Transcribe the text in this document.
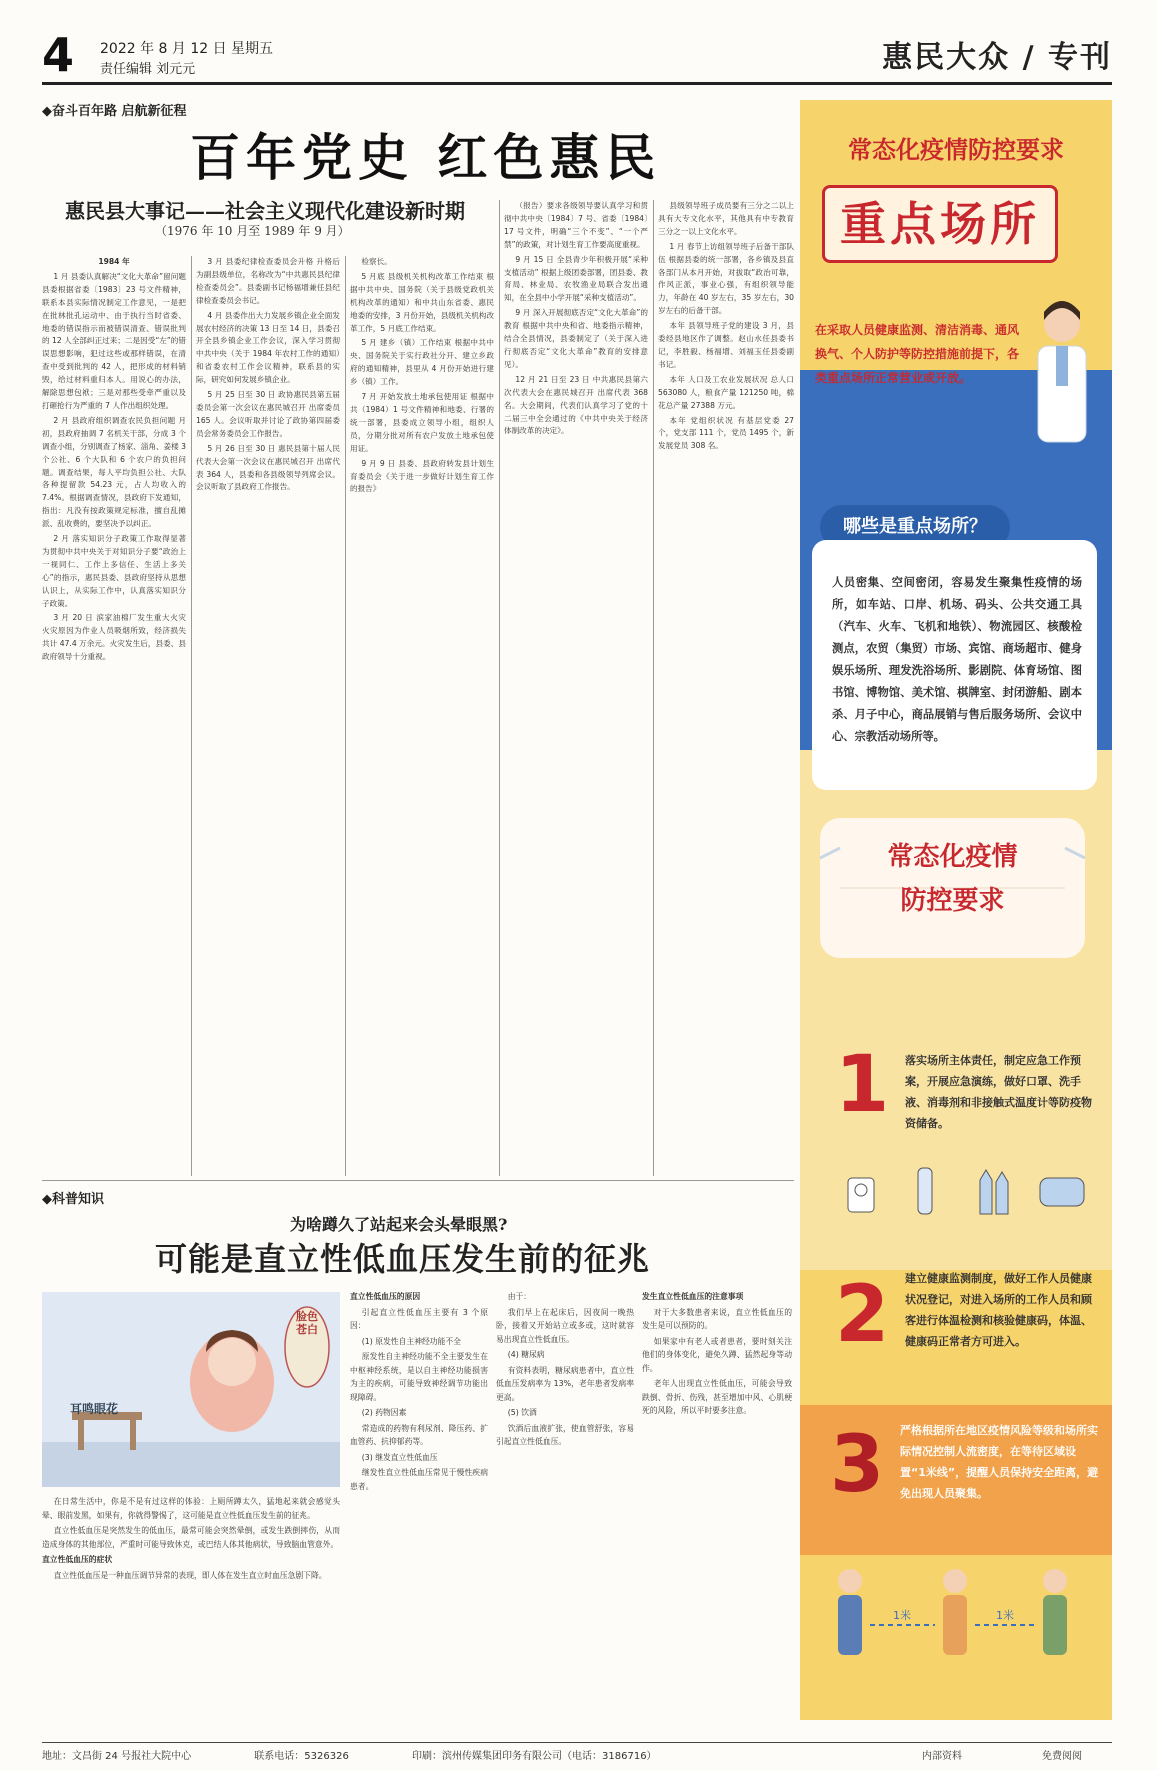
4 2022 年 8 月 12 日 星期五
责任编辑 刘元元	惠民大众 / 专刊
◆奋斗百年路 启航新征程
百年党史 红色惠民
惠民县大事记——社会主义现代化建设新时期
（1976 年 10 月至 1989 年 9 月）

1984 年

1 月 县委认真解决“文化大革命”留问题 县委根据省委〔1983〕23 号文件精神，联系本县实际情况制定工作意见，一是把在批林批孔运动中、由于执行当时省委、地委的错误指示而被错误清查、错误批判的 12 人全部纠正过来；二是因受“左”的错误思想影响，犯过这些或那样错误，在清查中受到批判的 42 人，把形成的材料销毁，给过材料重归本人。用说心的办法，解除思想包袱；三是对那些受牵严重以及打砸抢行为严重的 7 人作出组织处理。

2 月 县政府组织调查农民负担问题 月初，县政府抽调 7 名机关干部，分成 3 个调查小组，分别调查了杨家、淄角、姜楼 3 个公社、6 个大队和 6 个农户的负担问题。调查结果，每人平均负担公社、大队各种提留款 54.23 元，占人均收入的 7.4%。根据调查情况，县政府下发通知，指出：凡没有按政策规定标准，擅自乱摊派、乱收费的，要坚决予以纠正。

2 月 落实知识分子政策工作取得显著 为贯彻中共中央关于对知识分子要“政治上一视同仁、工作上多信任、生活上多关心”的指示，惠民县委、县政府坚持从思想认识上，从实际工作中，认真落实知识分子政策。

3 月 20 日 滨家油棉厂发生重大火灾 火灾原因为作业人员吸烟所致，经济损失共计 47.4 万余元。火灾发生后，县委、县政府领导十分重视。

3 月 县委纪律检查委员会升格 升格后为副县级单位，名称改为“中共惠民县纪律检查委员会”。县委副书记杨福增兼任县纪律检查委员会书记。

4 月 县委作出大力发展乡镇企业全面发展农村经济的决策 13 日至 14 日，县委召开全县乡镇企业工作会议，深入学习贯彻中共中央（关于 1984 年农村工作的通知）和省委农村工作会议精神，联系县的实际，研究如何发展乡镇企业。

5 月 25 日至 30 日 政协惠民县第五届委员会第一次会议在惠民城召开 出席委员 165 人。会议听取并讨论了政协第四届委员会常务委员会工作报告。

5 月 26 日至 30 日 惠民县第十届人民代表大会第一次会议在惠民城召开 出席代表 364 人，县委和各县级领导列席会议。会议听取了县政府工作报告。

检察长。

5 月底 县级机关机构改革工作结束 根据中共中央、国务院（关于县级党政机关机构改革的通知）和中共山东省委、惠民地委的安排，3 月份开始，县级机关机构改革工作，5 月底工作结束。

5 月 建乡（镇）工作结束 根据中共中央、国务院关于实行政社分开、建立乡政府的通知精神，县里从 4 月份开始进行建乡（镇）工作。

7 月 开始发放土地承包使用证 根据中共（1984）1 号文件精神和地委、行署的统一部署，县委成立领导小组，组织人员，分期分批对所有农户发放土地承包使用证。

9 月 9 日 县委、县政府转发县计划生育委员会《关于进一步做好计划生育工作的报告》

（报告）要求各级领导要认真学习和贯彻中共中央〔1984〕7 号、省委〔1984〕17 号文件，明确“三个不变”、“一个严禁”的政策，对计划生育工作要高度重视。

9 月 15 日 全县青少年积极开展“采种支植活动” 根据上级团委部署，团县委、教育局、林业局、农牧渔业局联合发出通知，在全县中小学开展“采种支植活动”。

9 月 深入开展彻底否定“文化大革命”的教育 根据中共中央和省、地委指示精神，结合全县情况，县委制定了（关于深入进行彻底否定“文化大革命”教育的安排意见）。

12 月 21 日至 23 日 中共惠民县第六次代表大会在惠民城召开 出席代表 368 名。大会期间，代表们认真学习了党的十二届三中全会通过的《中共中央关于经济体制改革的决定》。

县级领导班子成员要有三分之二以上具有大专文化水平，其他具有中专教育三分之一以上文化水平。

1 月 春节上访组领导班子后备干部队伍 根据县委的统一部署，各乡镇及县直各部门从本月开始，对拔取“政治可靠，作风正派，事业心强，有组织领导能力，年龄在 40 岁左右，35 岁左右，30 岁左右的后备干部。

本年 县领导班子党的建设 3 月，县委经县地区作了调整。赵山水任县委书记，李胜毅、杨福增、刘福玉任县委副书记。

本年 人口及工农业发展状况 总人口 563080 人，粮食产量 121250 吨，棉花总产量 27388 万元。

本年 党组织状况 有基层党委 27 个，党支部 111 个，党员 1495 个，新发展党员 308 名。

常态化疫情防控要求
重点场所
在采取人员健康监测、清洁消毒、通风换气、个人防护等防控措施前提下，各类重点场所正常营业或开放。
哪些是重点场所？
人员密集、空间密闭，容易发生聚集性疫情的场所，如车站、口岸、机场、码头、公共交通工具（汽车、火车、飞机和地铁）、物流园区、核酸检测点，农贸（集贸）市场、宾馆、商场超市、健身娱乐场所、理发洗浴场所、影剧院、体育场馆、图书馆、博物馆、美术馆、棋牌室、封闭游船、剧本杀、月子中心，商品展销与售后服务场所、会议中心、宗教活动场所等。
常态化疫情
防控要求
1 落实场所主体责任，制定应急工作预案，开展应急演练，做好口罩、洗手液、消毒剂和非接触式温度计等防疫物资储备。
2 建立健康监测制度，做好工作人员健康状况登记，对进入场所的工作人员和顾客进行体温检测和核验健康码，体温、健康码正常者方可进入。
3 严格根据所在地区疫情风险等级和场所实际情况控制人流密度，在等待区域设置“1米线”，提醒人员保持安全距离，避免出现人员聚集。
1米	1米
◆科普知识
为啥蹲久了站起来会头晕眼黑?
可能是直立性低血压发生前的征兆
脸色苍白
耳鸣眼花

在日常生活中，你是不是有过这样的体验：上厕所蹲太久，猛地起来就会感觉头晕、眼前发黑，如果有，你就得警惕了，这可能是直立性低血压发生前的征兆。

直立性低血压是突然发生的低血压，最常可能会突然晕倒，或发生跌倒摔伤，从而造成身体的其他部位，严重时可能导致休克，或巴结人体其他病状，导致脑血管意外。

直立性低血压的症状

直立性低血压是一种血压调节异常的表现，即人体在发生直立时血压急剧下降。

直立性低血压的原因

引起直立性低血压主要有 3 个原因：

(1) 原发性自主神经功能不全

原发性自主神经功能不全主要发生在中枢神经系统，是以自主神经功能损害为主的疾病，可能导致神经调节功能出现障碍。

(2) 药物因素

常造成的药物有利尿剂、降压药、扩血管药、抗抑郁药等。

(3) 继发直立性低血压

继发性直立性低血压常见于慢性疾病患者。

由于：

我们早上在起床后，因夜间一晚热卧，接着又开始站立或多或，这时就容易出现直立性低血压。

(4) 糖尿病

有资料表明，糖尿病患者中，直立性低血压发病率为 13%，老年患者发病率更高。

(5) 饮酒

饮酒后血液扩张，使血管舒张，容易引起直立性低血压。

发生直立性低血压的注意事项

对于大多数患者来说，直立性低血压的发生是可以预防的。

如果家中有老人或者患者，要时刻关注他们的身体变化，避免久蹲、猛然起身等动作。

老年人出现直立性低血压，可能会导致跌倒、骨折、伤残，甚至增加中风、心肌梗死的风险，所以平时要多注意。

地址：文昌街 24 号报社大院中心	联系电话：5326326	印刷：滨州传媒集团印务有限公司（电话：3186716）	内部资料	免费阅阅
